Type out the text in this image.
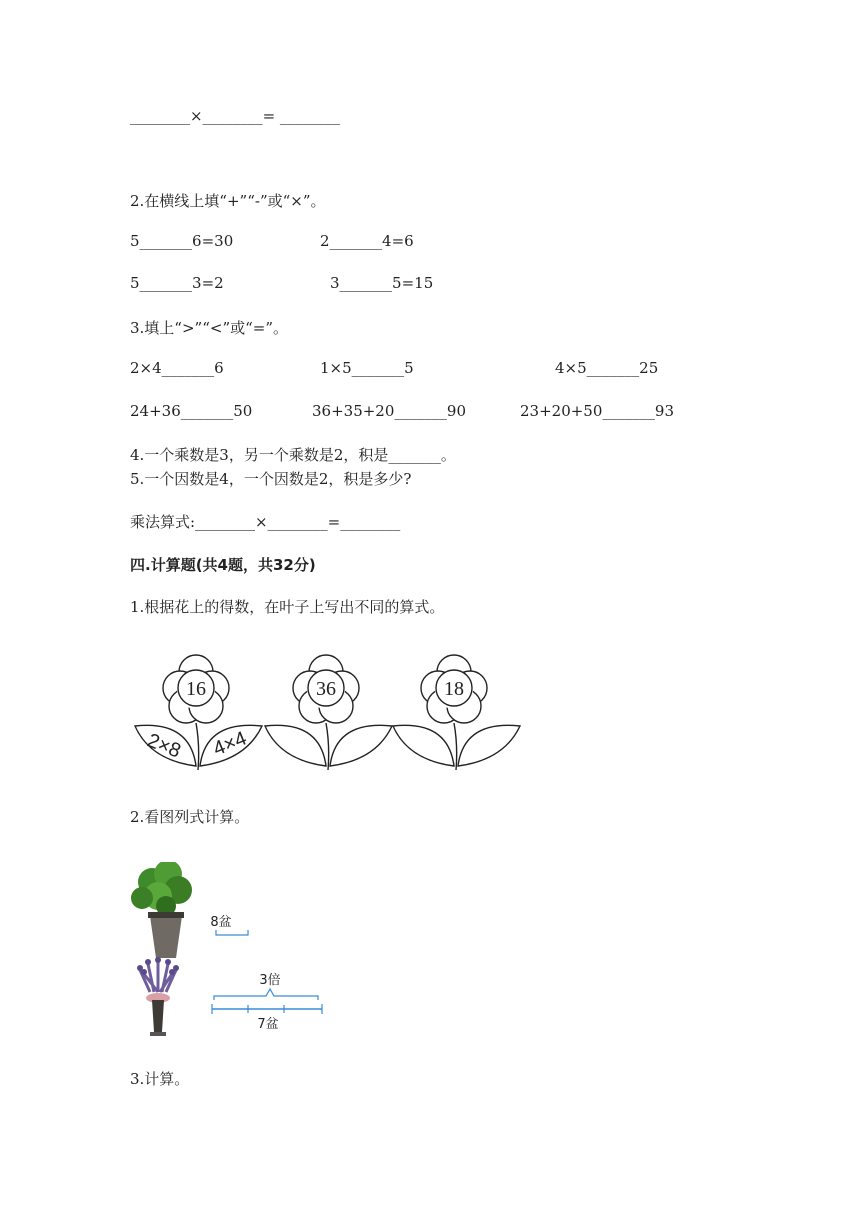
________×________= ________
2.在横线上填“+”“-”或“×”。
5_______6=30	2_______4=6
5_______3=2	3_______5=15
3.填上“>”“<”或“=”。
2×4_______6	1×5_______5	4×5_______25
24+36_______50	36+35+20_______90	23+20+50_______93
4.一个乘数是3，另一个乘数是2，积是_______。
5.一个因数是4，一个因数是2，积是多少?
乘法算式:________×________=________
四.计算题(共4题，共32分)
1.根据花上的得数，在叶子上写出不同的算式。
16	36	18
2×8 4×4
2.看图列式计算。
8盆
3倍
7盆
3.计算。
